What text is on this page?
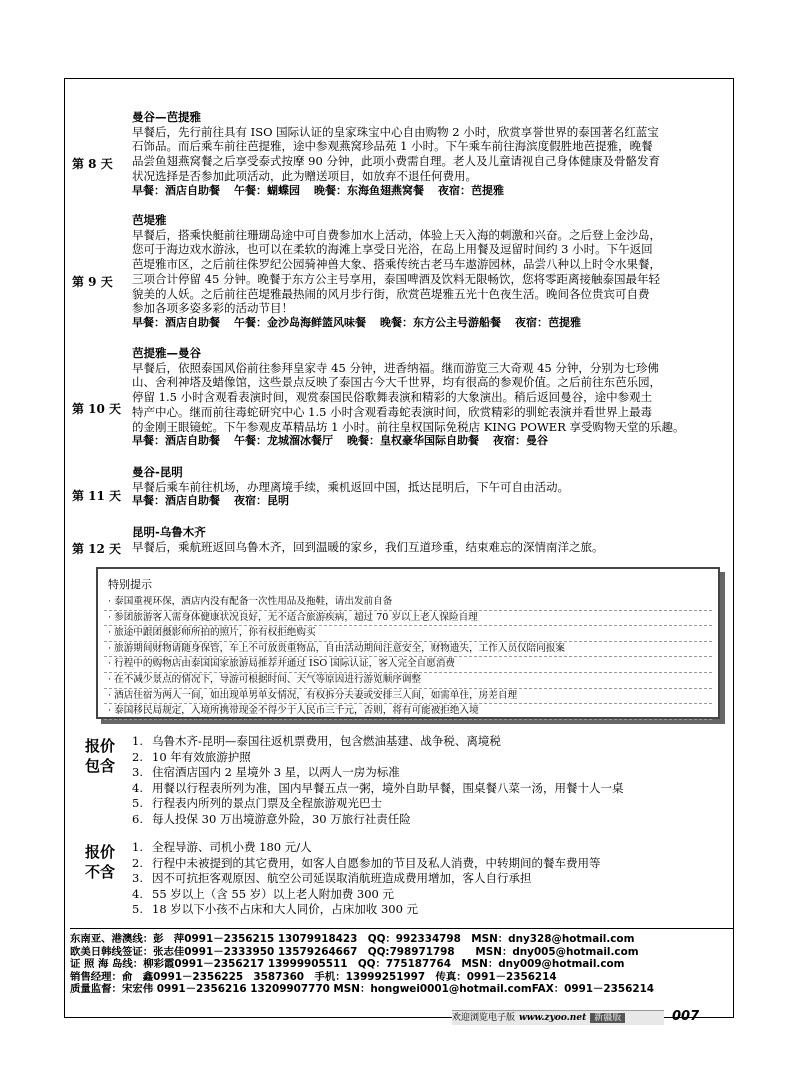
第 8 天
曼谷—芭提雅
早餐后，先行前往具有 ISO 国际认证的皇家珠宝中心自由购物 2 小时，欣赏享誉世界的泰国著名红蓝宝
石饰品。而后乘车前往芭提雅，途中参观燕窝珍品苑 1 小时。下午乘车前往海滨度假胜地芭提雅，晚餐
品尝鱼翅燕窝餐之后享受泰式按摩 90 分钟，此项小费需自理。老人及儿童请视自己身体健康及骨骼发育
状况选择是否参加此项活动，此为赠送项目，如放弃不退任何费用。
早餐：酒店自助餐 午餐：蝴蝶园 晚餐：东海鱼翅燕窝餐 夜宿：芭提雅
第 9 天
芭堤雅
早餐后，搭乘快艇前往珊瑚岛途中可自费参加水上活动，体验上天入海的刺激和兴奋。之后登上金沙岛，
您可于海边戏水游泳，也可以在柔软的海滩上享受日光浴，在岛上用餐及逗留时间约 3 小时。下午返回
芭堤雅市区，之后前往侏罗纪公园骑神兽大象、搭乘传统古老马车遨游园林，品尝八种以上时令水果餐，
三项合计停留 45 分钟。晚餐于东方公主号享用，泰国啤酒及饮料无限畅饮，您将零距离接触泰国最年轻
貌美的人妖。之后前往芭堤雅最热闹的风月步行街，欣赏芭堤雅五光十色夜生活。晚间各位贵宾可自费
参加各项多姿多彩的活动节目！
早餐：酒店自助餐 午餐：金沙岛海鲜篮风味餐 晚餐：东方公主号游船餐 夜宿：芭提雅
第 10 天
芭提雅—曼谷
早餐后，依照泰国风俗前往参拜皇家寺 45 分钟，进香纳福。继而游览三大奇观 45 分钟，分别为七珍佛
山、舍利神塔及蜡像馆，这些景点反映了泰国古今大千世界，均有很高的参观价值。之后前往东芭乐园，
停留 1.5 小时含观看表演时间，观赏泰国民俗歌舞表演和精彩的大象演出。稍后返回曼谷，途中参观土
特产中心。继而前往毒蛇研究中心 1.5 小时含观看毒蛇表演时间，欣赏精彩的驯蛇表演并看世界上最毒
的金刚王眼镜蛇。下午参观皮革精品坊 1 小时。前往皇权国际免税店 KING POWER 享受购物天堂的乐趣。
早餐：酒店自助餐 午餐：龙城溜冰餐厅 晚餐：皇权豪华国际自助餐 夜宿：曼谷
第 11 天
曼谷-昆明
早餐后乘车前往机场，办理离境手续，乘机返回中国，抵达昆明后，下午可自由活动。
早餐：酒店自助餐 夜宿：昆明
第 12 天
昆明-乌鲁木齐
早餐后，乘航班返回乌鲁木齐，回到温暖的家乡，我们互道珍重，结束难忘的深情南洋之旅。
特别提示
· 泰国重视环保，酒店内没有配备一次性用品及拖鞋，请出发前自备
· 参团旅游客人需身体健康状况良好，无不适合旅游疾病，超过 70 岁以上老人保险自理
· 旅途中跟团摄影师所拍的照片，你有权拒绝购买
· 旅游期间财物请随身保管，车上不可放贵重物品，自由活动期间注意安全，财物遗失，工作人员仅陪同报案
· 行程中的购物店由泰国国家旅游局推荐并通过 ISO 国际认证，客人完全自愿消费
· 在不减少景点的情况下，导游可根据时间、天气等原因进行游览顺序调整
· 酒店住宿为两人一间，如出现单男单女情况，有权拆分夫妻或安排三人间，如需单住，房差自理
· 泰国移民局规定，入境所携带现金不得少于人民币三千元，否则，将有可能被拒绝入境
报价
包含
1. 乌鲁木齐-昆明—泰国往返机票费用，包含燃油基建、战争税、离境税
2. 10 年有效旅游护照
3. 住宿酒店国内 2 星境外 3 星，以两人一房为标准
4. 用餐以行程表所列为准，国内早餐五点一粥，境外自助早餐，围桌餐八菜一汤，用餐十人一桌
5. 行程表内所列的景点门票及全程旅游观光巴士
6. 每人投保 30 万出境游意外险，30 万旅行社责任险
报价
不含
1. 全程导游、司机小费 180 元/人
2. 行程中未被提到的其它费用，如客人自愿参加的节目及私人消费，中转期间的餐车费用等
3. 因不可抗拒客观原因、航空公司延误取消航班造成费用增加，客人自行承担
4. 55 岁以上（含 55 岁）以上老人附加费 300 元
5. 18 岁以下小孩不占床和大人同价，占床加收 300 元
东南亚、港澳线：彭　萍0991－2356215 13079918423　QQ：992334798　MSN：dny328@hotmail.com
欧美日韩线签证：张志佳0991－2333950 13579264667　QQ:798971798　　MSN：dny005@hotmail.com
证 照 海 岛线：柳彩霞0991－2356217 13999905511　QQ：775187764　MSN：dny009@hotmail.com
销售经理：俞　鑫0991－2356225　3587360　手机：13999251997　传真：0991－2356214
质量监督：宋宏伟 0991－2356216 13209907770 MSN：hongwei0001@hotmail.comFAX：0991－2356214
欢迎浏览电子版 www.zyoo.net 新疆版	007
